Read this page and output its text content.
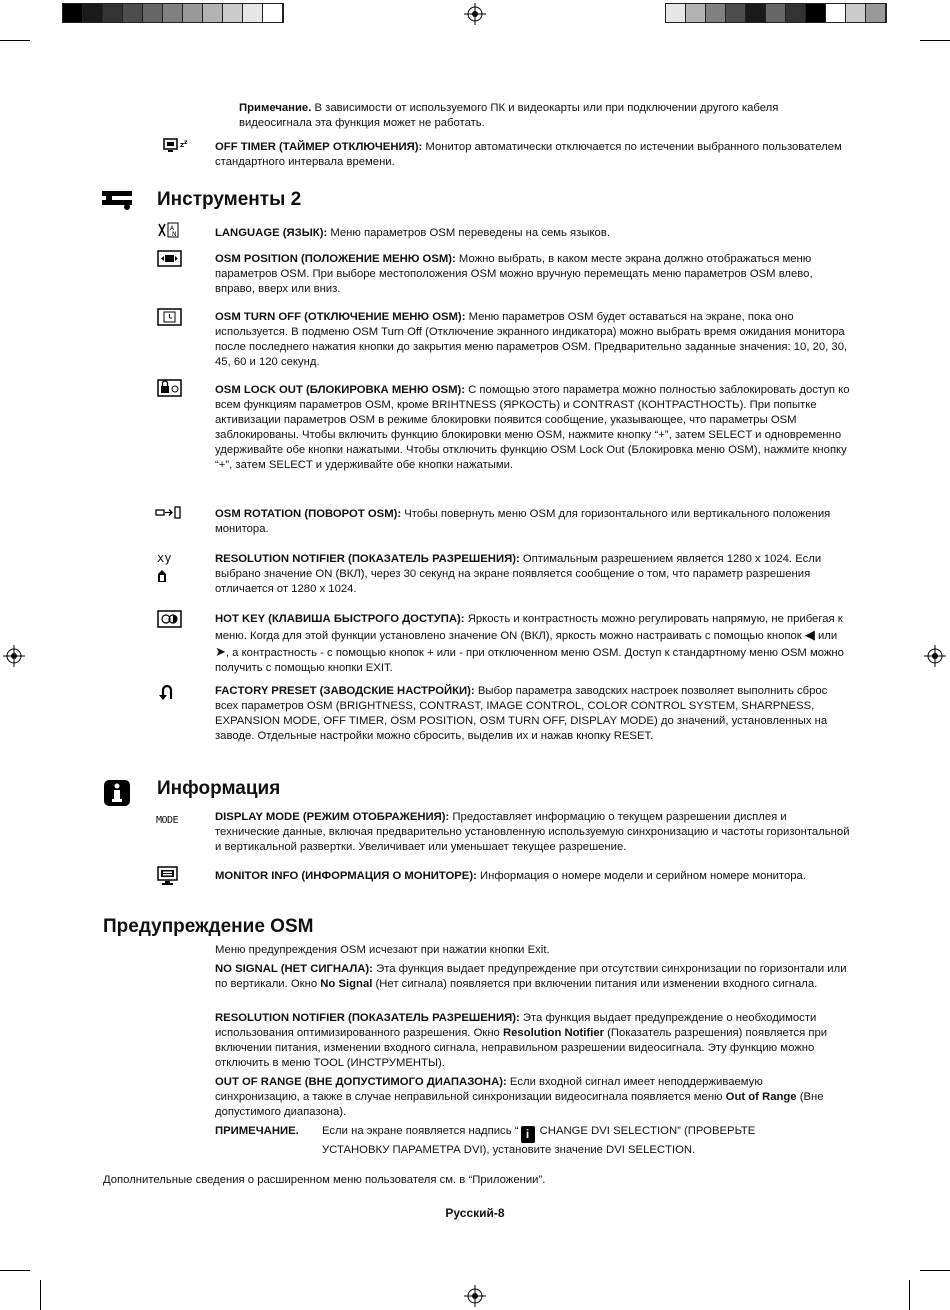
Примечание. В зависимости от используемого ПК и видеокарты или при подключении другого кабеля видеосигнала эта функция может не работать.
z z OFF TIMER (ТАЙМЕР ОТКЛЮЧЕНИЯ): Монитор автоматически отключается по истечении выбранного пользователем стандартного интервала времени.
Инструменты 2
A
N	LANGUAGE (ЯЗЫК): Меню параметров OSM переведены на семь языков.
OSM POSITION (ПОЛОЖЕНИЕ МЕНЮ OSM): Можно выбрать, в каком месте экрана должно отображаться меню параметров OSM. При выборе местоположения OSM можно вручную перемещать меню параметров OSM влево, вправо, вверх или вниз.
OSM TURN OFF (ОТКЛЮЧЕНИЕ МЕНЮ OSM): Меню параметров OSM будет оставаться на экране, пока оно используется. В подменю OSM Turn Off (Отключение экранного индикатора) можно выбрать время ожидания монитора после последнего нажатия кнопки до закрытия меню параметров OSM. Предварительно заданные значения: 10, 20, 30, 45, 60 и 120 секунд.
OSM LOCK OUT (БЛОКИРОВКА МЕНЮ OSM): С помощью этого параметра можно полностью заблокировать доступ ко всем функциям параметров OSM, кроме BRIHTNESS (ЯРКОСТЬ) и CONTRAST (КОНТРАСТНОСТЬ). При попытке активизации параметров OSM в режиме блокировки появится сообщение, указывающее, что параметры OSM заблокированы. Чтобы включить функцию блокировки меню OSM, нажмите кнопку “+”, затем SELECT и одновременно удерживайте обе кнопки нажатыми. Чтобы отключить функцию OSM Lock Out (Блокировка меню OSM), нажмите кнопку “+”, затем SELECT и удерживайте обе кнопки нажатыми.
OSM ROTATION (ПОВОРОТ OSM): Чтобы повернуть меню OSM для горизонтального или вертикального положения монитора.
xy	RESOLUTION NOTIFIER (ПОКАЗАТЕЛЬ РАЗРЕШЕНИЯ): Оптимальным разрешением является 1280 x 1024. Если выбрано значение ON (ВКЛ), через 30 секунд на экране появляется сообщение о том, что параметр разрешения отличается от 1280 x 1024.
HOT KEY (КЛАВИША БЫСТРОГО ДОСТУПА): Яркость и контрастность можно регулировать напрямую, не прибегая к меню. Когда для этой функции установлено значение ON (ВКЛ), яркость можно настраивать с помощью кнопок ◀ или ➤, а контрастность - с помощью кнопок + или - при отключенном меню OSM. Доступ к стандартному меню OSM можно получить с помощью кнопки EXIT.
FACTORY PRESET (ЗАВОДСКИЕ НАСТРОЙКИ): Выбор параметра заводских настроек позволяет выполнить сброс всех параметров OSM (BRIGHTNESS, CONTRAST, IMAGE CONTROL, COLOR CONTROL SYSTEM, SHARPNESS, EXPANSION MODE, OFF TIMER, OSM POSITION, OSM TURN OFF, DISPLAY MODE) до значений, установленных на заводе. Отдельные настройки можно сбросить, выделив их и нажав кнопку RESET.
Информация
MODE	DISPLAY MODE (РЕЖИМ ОТОБРАЖЕНИЯ): Предоставляет информацию о текущем разрешении дисплея и технические данные, включая предварительно установленную используемую синхронизацию и частоты горизонтальной и вертикальной развертки. Увеличивает или уменьшает текущее разрешение.
MONITOR INFO (ИНФОРМАЦИЯ О МОНИТОРЕ): Информация о номере модели и серийном номере монитора.
Предупреждение OSM
Меню предупреждения OSM исчезают при нажатии кнопки Exit.
NO SIGNAL (НЕТ СИГНАЛА): Эта функция выдает предупреждение при отсутствии синхронизации по горизонтали или по вертикали. Окно No Signal (Нет сигнала) появляется при включении питания или изменении входного сигнала.
RESOLUTION NOTIFIER (ПОКАЗАТЕЛЬ РАЗРЕШЕНИЯ): Эта функция выдает предупреждение о необходимости использования оптимизированного разрешения. Окно Resolution Notifier (Показатель разрешения) появляется при включении питания, изменении входного сигнала, неправильном разрешении видеосигнала. Эту функцию можно отключить в меню TOOL (ИНСТРУМЕНТЫ).
OUT OF RANGE (ВНЕ ДОПУСТИМОГО ДИАПАЗОНА): Если входной сигнал имеет неподдерживаемую синхронизацию, а также в случае неправильной синхронизации видеосигнала появляется меню Out of Range (Вне допустимого диапазона).
ПРИМЕЧАНИЕ. Если на экране появляется надпись “ i CHANGE DVI SELECTION” (ПРОВЕРЬТЕ УСТАНОВКУ ПАРАМЕТРА DVI), установите значение DVI SELECTION.
Дополнительные сведения о расширенном меню пользователя см. в “Приложении”.
Русский-8
